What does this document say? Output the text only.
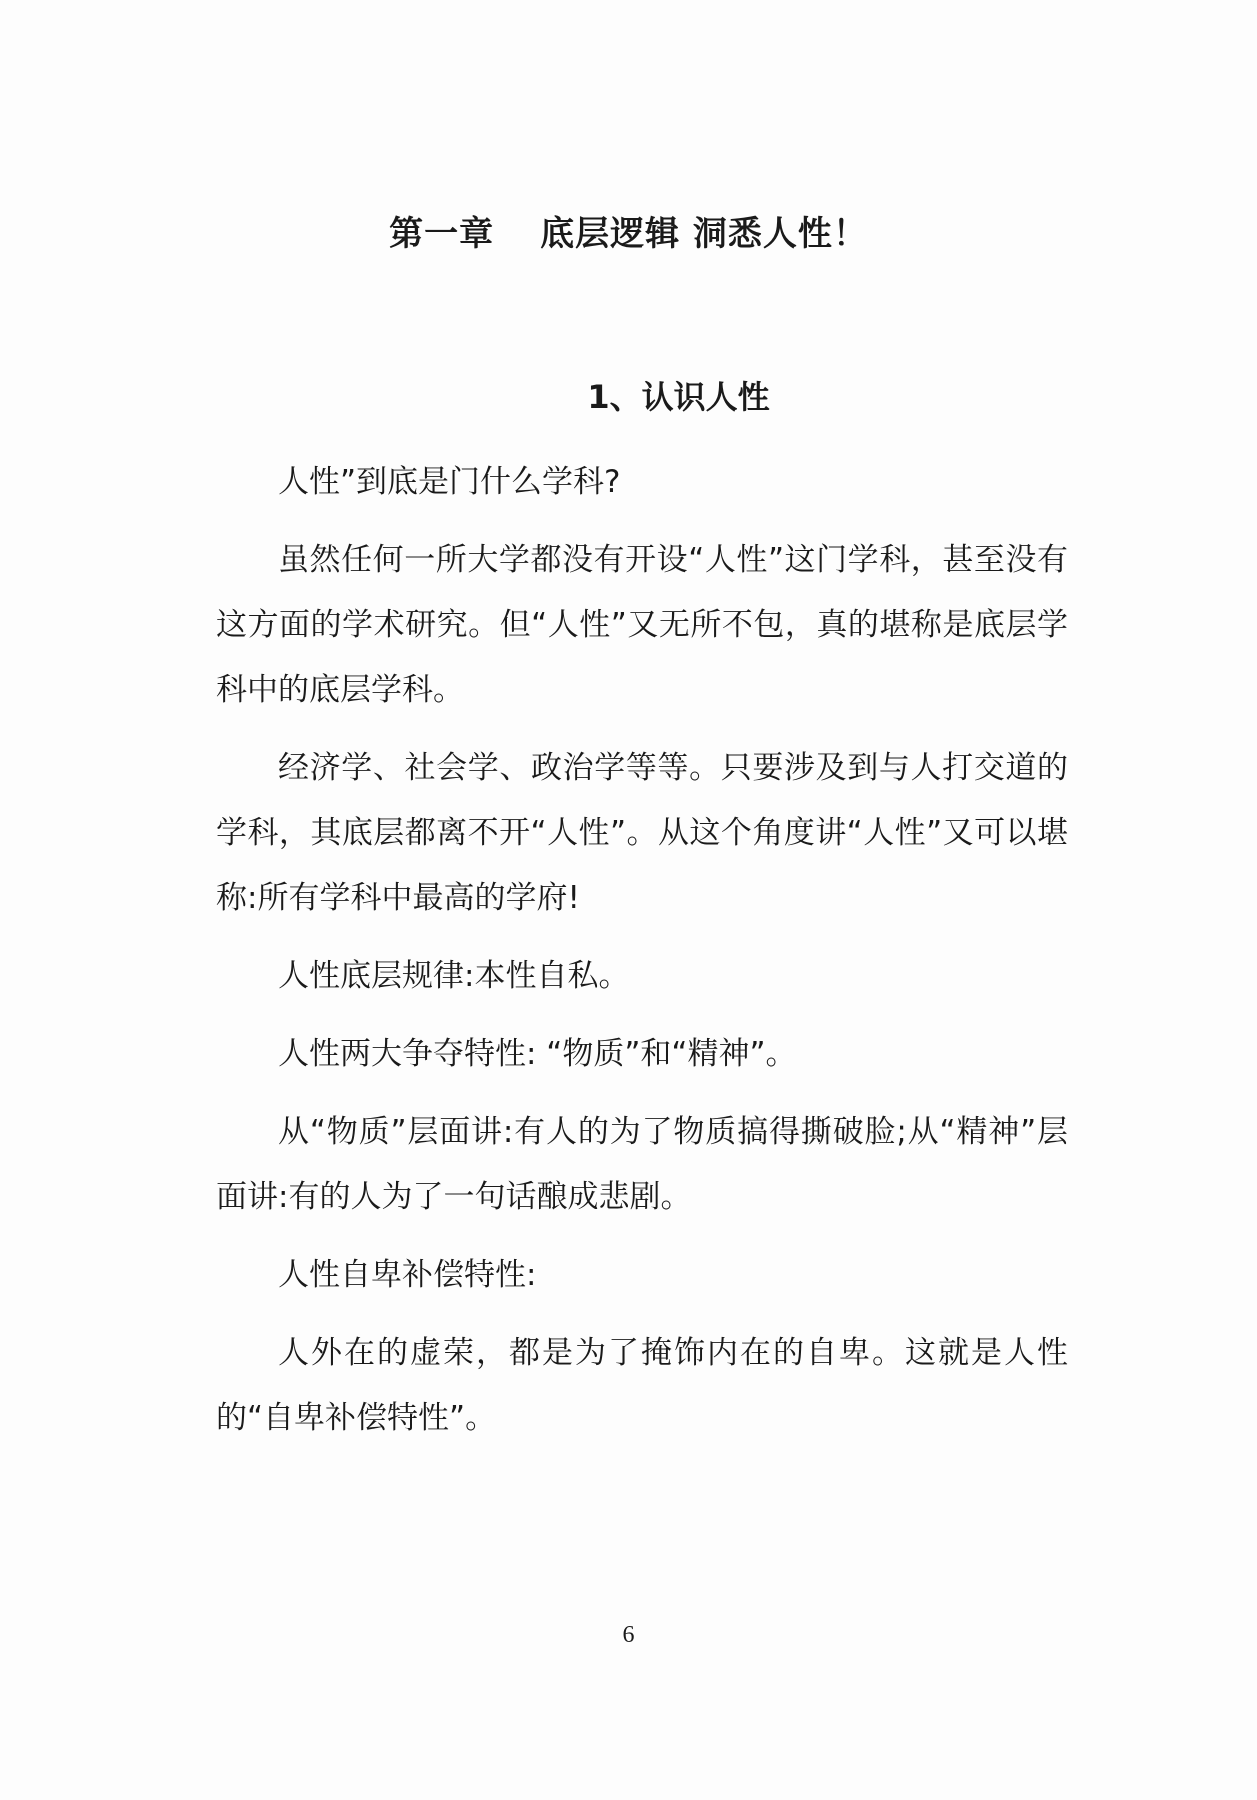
第一章 底层逻辑 洞悉人性！
1、认识人性

人性”到底是门什么学科?

虽然任何一所大学都没有开设“人性”这门学科，甚至没有这方面的学术研究。但“人性”又无所不包，真的堪称是底层学科中的底层学科。

经济学、社会学、政治学等等。只要涉及到与人打交道的学科，其底层都离不开“人性”。从这个角度讲“人性”又可以堪称:所有学科中最高的学府!

人性底层规律:本性自私。

人性两大争夺特性: “物质”和“精神”。

从“物质”层面讲:有人的为了物质搞得撕破脸;从“精神”层面讲:有的人为了一句话酿成悲剧。

人性自卑补偿特性:

人外在的虚荣，都是为了掩饰内在的自卑。这就是人性的“自卑补偿特性”。

6
